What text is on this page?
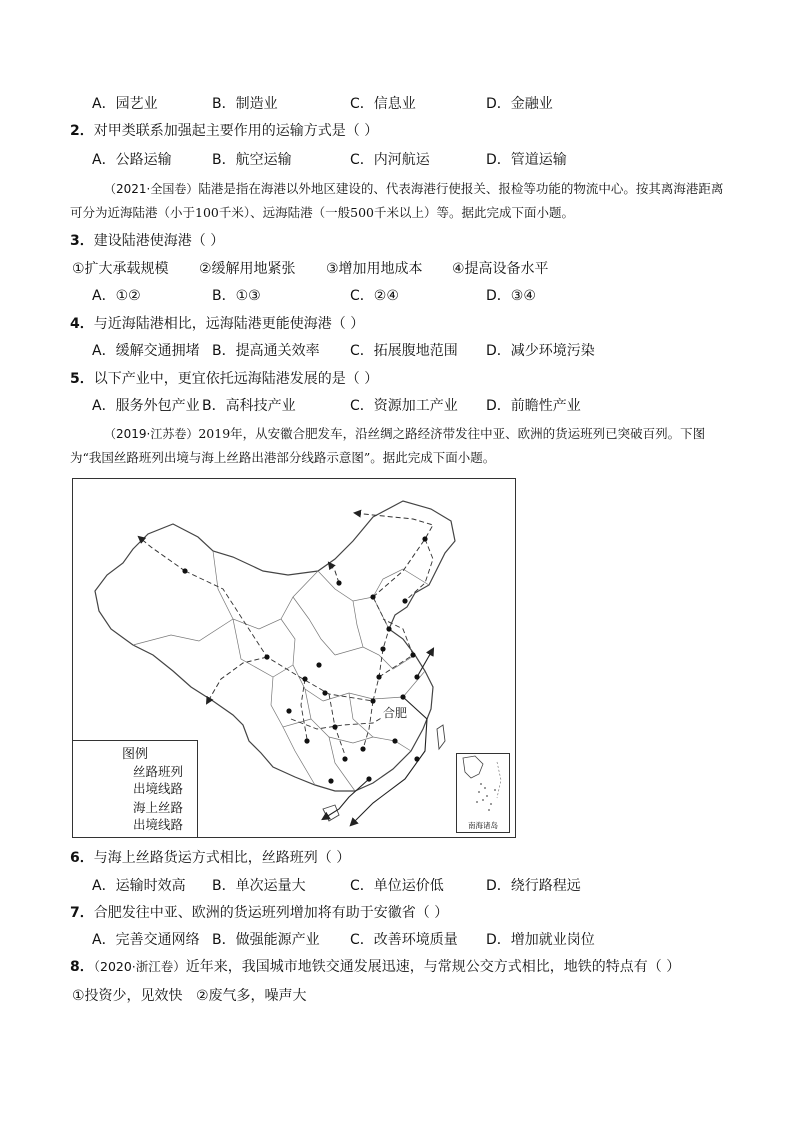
A．园艺业	B．制造业	C．信息业	D．金融业
2．对甲类联系加强起主要作用的运输方式是（ ）
A．公路运输	B．航空运输	C．内河航运	D．管道运输
（2021·全国卷）陆港是指在海港以外地区建设的、代表海港行使报关、报检等功能的物流中心。按其离海港距离可分为近海陆港（小于100千米）、远海陆港（一般500千米以上）等。据此完成下面小题。
3．建设陆港使海港（ ）
①扩大承载规模 ②缓解用地紧张 ③增加用地成本 ④提高设备水平
A．①②	B．①③	C．②④	D．③④
4．与近海陆港相比，远海陆港更能使海港（ ）
A．缓解交通拥堵 B．提高通关效率 C．拓展腹地范围 D．减少环境污染
5．以下产业中，更宜依托远海陆港发展的是（ ）
A．服务外包产业 B．高科技产业	C．资源加工产业 D．前瞻性产业
（2019·江苏卷）2019年，从安徽合肥发车，沿丝绸之路经济带发往中亚、欧洲的货运班列已突破百列。下图为“我国丝路班列出境与海上丝路出港部分线路示意图”。据此完成下面小题。
合肥
图例
丝路班列
出境线路
海上丝路
出境线路	南海诸岛
6．与海上丝路货运方式相比，丝路班列（ ）
A．运输时效高 B．单次运量大	C．单位运价低	D．绕行路程远
7．合肥发往中亚、欧洲的货运班列增加将有助于安徽省（ ）
A．完善交通网络 B．做强能源产业 C．改善环境质量 D．增加就业岗位
8．（2020·浙江卷）近年来，我国城市地铁交通发展迅速，与常规公交方式相比，地铁的特点有（ ）
①投资少，见效快 ②废气多，噪声大
